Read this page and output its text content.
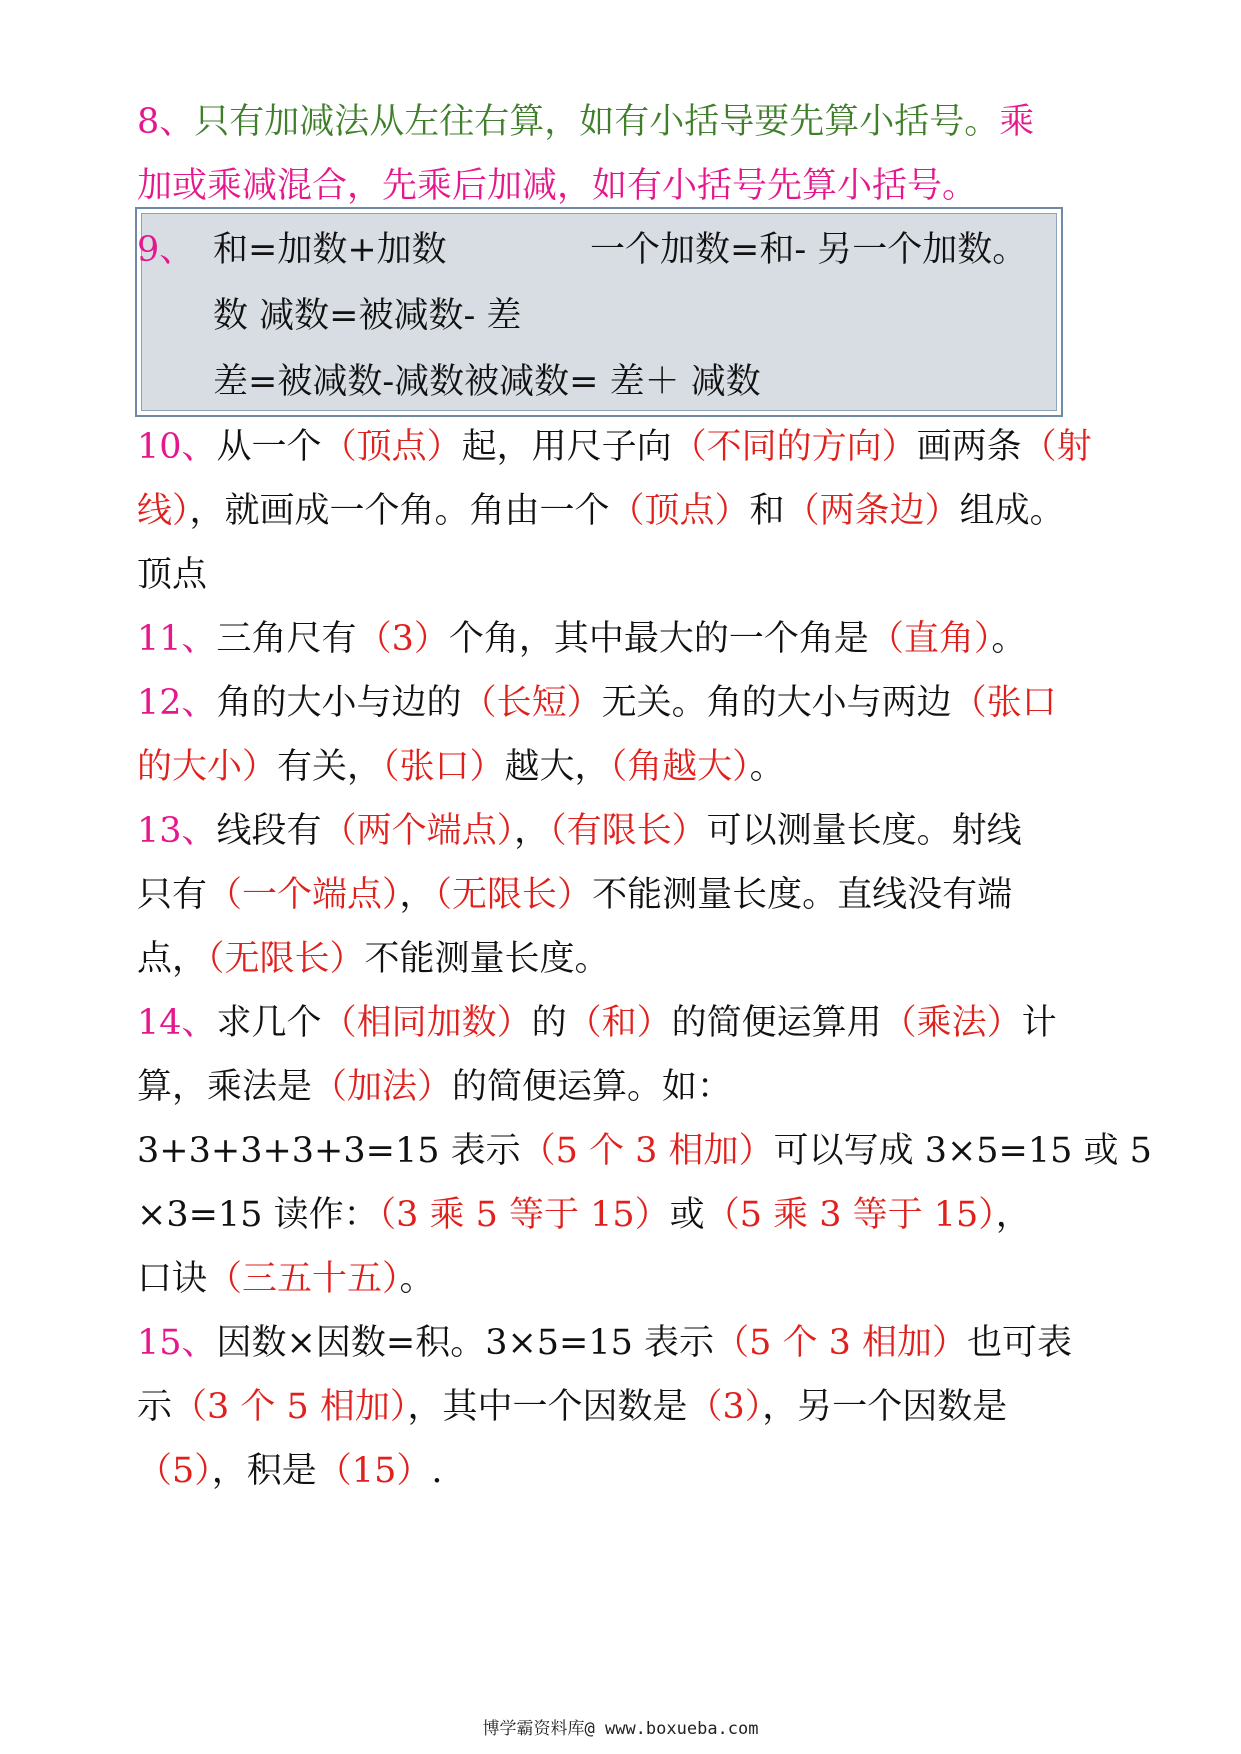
8、只有加减法从左往右算，如有小括导要先算小括号。乘
加或乘减混合，先乘后加减，如有小括号先算小括号。
9、 和=加数+加数	一个加数=和- 另一个加数。
数 减数=被减数- 差
差=被减数-减数被减数= 差＋ 减数
10、从一个（顶点）起，用尺子向（不同的方向）画两条（射
线），就画成一个角。角由一个（顶点）和（两条边）组成。
顶点
11、三角尺有（3）个角，其中最大的一个角是（直角）。
12、角的大小与边的（长短）无关。角的大小与两边（张口
的大小）有关，（张口）越大，（角越大）。
13、线段有（两个端点），（有限长）可以测量长度。射线
只有（一个端点），（无限长）不能测量长度。直线没有端
点，（无限长）不能测量长度。
14、求几个（相同加数）的（和）的简便运算用（乘法）计
算，乘法是（加法）的简便运算。如：
3+3+3+3+3=15 表示（5 个 3 相加）可以写成 3×5=15 或 5
×3=15 读作：（3 乘 5 等于 15）或（5 乘 3 等于 15），
口诀（三五十五）。
15、因数×因数=积。3×5=15 表示（5 个 3 相加）也可表
示（3 个 5 相加），其中一个因数是（3），另一个因数是
（5），积是（15）.
博学霸资料库@ www.boxueba.com
